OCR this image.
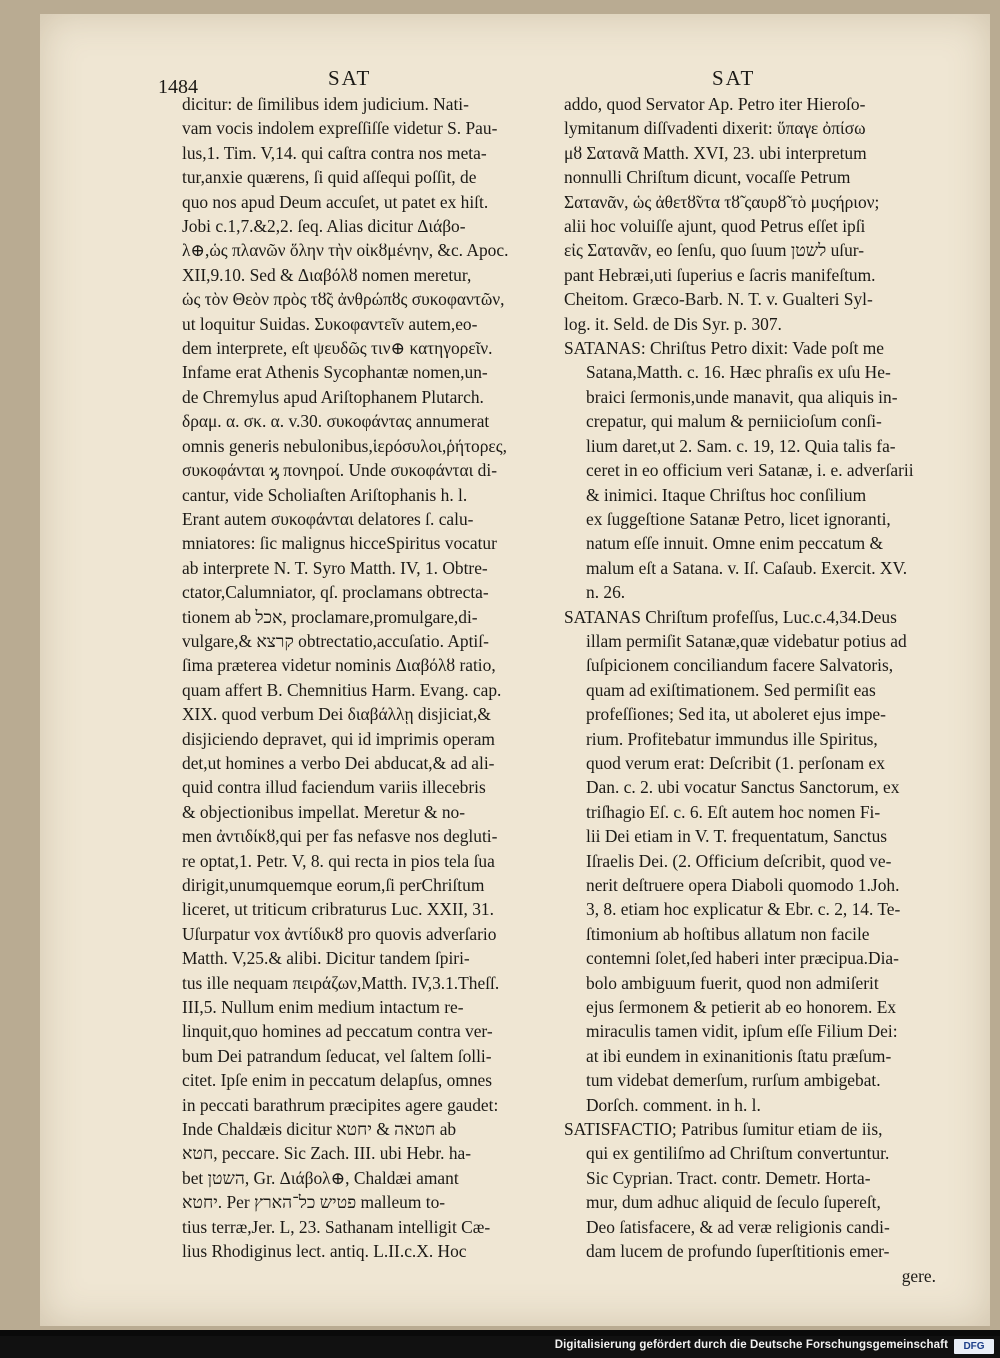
1484	SAT	SAT
dicitur: de ſimilibus idem judicium. Nati-
vam vocis indolem expreſſiſſe videtur S. Pau-
lus,1. Tim. V,14. qui caſtra contra nos meta-
tur,anxie quærens, ſi quid aſſequi poſſit, de
quo nos apud Deum accuſet, ut patet ex hiſt.
Jobi c.1,7.&2,2. ſeq. Alias dicitur Διάβο-
λ⊕,ὡς πλανῶν ὅλην τὴν οἰκȣμένην, &c. Apoc.
XII,9.10. Sed & Διαβόλȣ nomen meretur,
ὡς τὸν Θεὸν πρὸς τȣ̃ς ἀνθρώπȣς συκοφαντῶν,
ut loquitur Suidas. Συκοφαντεῖν autem,eo-
dem interprete, eſt ψευδῶς τιν⊕ κατηγορεῖν.
Infame erat Athenis Sycophantæ nomen,un-
de Chremylus apud Ariſtophanem Plutarch.
δραμ. α. σκ. α. v.30. συκοφάντας annumerat
omnis generis nebulonibus,ἱερόσυλοι,ῥήτορες,
συκοφάνται ϗ πονηροί. Unde συκοφάνται di-
cantur, vide Scholiaſten Ariſtophanis h. l.
Erant autem συκοφάνται delatores ſ. calu-
mniatores: ſic malignus hicceSpiritus vocatur
ab interprete N. T. Syro Matth. IV, 1. Obtre-
ctator,Calumniator, qſ. proclamans obtrecta-
tionem ab אכל, proclamare,promulgare,di-
vulgare,& קרצא obtrectatio,accuſatio. Aptiſ-
ſima præterea videtur nominis Διαβόλȣ ratio,
quam affert B. Chemnitius Harm. Evang. cap.
XIX. quod verbum Dei διαβάλλῃ disjiciat,&
disjiciendo depravet, qui id imprimis operam
det,ut homines a verbo Dei abducat,& ad ali-
quid contra illud faciendum variis illecebris
& objectionibus impellat. Meretur & no-
men ἀντιδίκȣ,qui per fas nefasve nos degluti-
re optat,1. Petr. V, 8. qui recta in pios tela ſua
dirigit,unumquemque eorum,ſi perChriſtum
liceret, ut triticum cribraturus Luc. XXII, 31.
Uſurpatur vox ἀντίδικȣ pro quovis adverſario
Matth. V,25.& alibi. Dicitur tandem ſpiri-
tus ille nequam πειράζων,Matth. IV,3.1.Theſſ.
III,5. Nullum enim medium intactum re-
linquit,quo homines ad peccatum contra ver-
bum Dei patrandum ſeducat, vel ſaltem ſolli-
citet. Ipſe enim in peccatum delapſus, omnes
in peccati barathrum præcipites agere gaudet:
Inde Chaldæis dicitur חטאה & יחטא ab
חטא, peccare. Sic Zach. III. ubi Hebr. ha-
bet השטן, Gr. Διάβολ⊕, Chaldæi amant
יחטא. Per פטיש כל־הארץ malleum to-
tius terræ,Jer. L, 23. Sathanam intelligit Cæ-
lius Rhodiginus lect. antiq. L.II.c.X. Hoc
addo, quod Servator Ap. Petro iter Hieroſo-
lymitanum diſſvadenti dixerit: ὕπαγε ὀπίσω
μȣ Σατανᾶ Matth. XVI, 23. ubi interpretum
nonnulli Chriſtum dicunt, vocaſſe Petrum
Σατανᾶν, ὡς ἀθετȣ̃ντα τȣ̃ ςαυρȣ̃ τὸ μυςήριον;
alii hoc voluiſſe ajunt, quod Petrus eſſet ipſi
εἰς Σατανᾶν, eo ſenſu, quo ſuum לשטן uſur-
pant Hebræi,uti ſuperius e ſacris manifeſtum.
Cheitom. Græco-Barb. N. T. v. Gualteri Syl-
log. it. Seld. de Dis Syr. p. 307.
SATANAS: Chriſtus Petro dixit: Vade poſt me
Satana,Matth. c. 16. Hæc phraſis ex uſu He-
braici ſermonis,unde manavit, qua aliquis in-
crepatur, qui malum & perniicioſum conſi-
lium daret,ut 2. Sam. c. 19, 12. Quia talis fa-
ceret in eo officium veri Satanæ, i. e. adverſarii
& inimici. Itaque Chriſtus hoc conſilium
ex ſuggeſtione Satanæ Petro, licet ignoranti,
natum eſſe innuit. Omne enim peccatum &
malum eſt a Satana. v. Iſ. Caſaub. Exercit. XV.
n. 26.
SATANAS Chriſtum profeſſus, Luc.c.4,34.Deus
illam permiſit Satanæ,quæ videbatur potius ad
ſuſpicionem conciliandum facere Salvatoris,
quam ad exiſtimationem. Sed permiſit eas
profeſſiones; Sed ita, ut aboleret ejus impe-
rium. Profitebatur immundus ille Spiritus,
quod verum erat: Deſcribit (1. perſonam ex
Dan. c. 2. ubi vocatur Sanctus Sanctorum, ex
triſhagio Eſ. c. 6. Eſt autem hoc nomen Fi-
lii Dei etiam in V. T. frequentatum, Sanctus
Iſraelis Dei. (2. Officium deſcribit, quod ve-
nerit deſtruere opera Diaboli quomodo 1.Joh.
3, 8. etiam hoc explicatur & Ebr. c. 2, 14. Te-
ſtimonium ab hoſtibus allatum non facile
contemni ſolet,ſed haberi inter præcipua.Dia-
bolo ambiguum fuerit, quod non admiſerit
ejus ſermonem & petierit ab eo honorem. Ex
miraculis tamen vidit, ipſum eſſe Filium Dei:
at ibi eundem in exinanitionis ſtatu præſum-
tum videbat demerſum, rurſum ambigebat.
Dorſch. comment. in h. l.
SATISFACTIO; Patribus ſumitur etiam de iis,
qui ex gentiliſmo ad Chriſtum convertuntur.
Sic Cyprian. Tract. contr. Demetr. Horta-
mur, dum adhuc aliquid de ſeculo ſupereſt,
Deo ſatisfacere, & ad veræ religionis candi-
dam lucem de profundo ſuperſtitionis emer-
gere.
Digitalisierung gefördert durch die Deutsche Forschungsgemeinschaft	DFG
